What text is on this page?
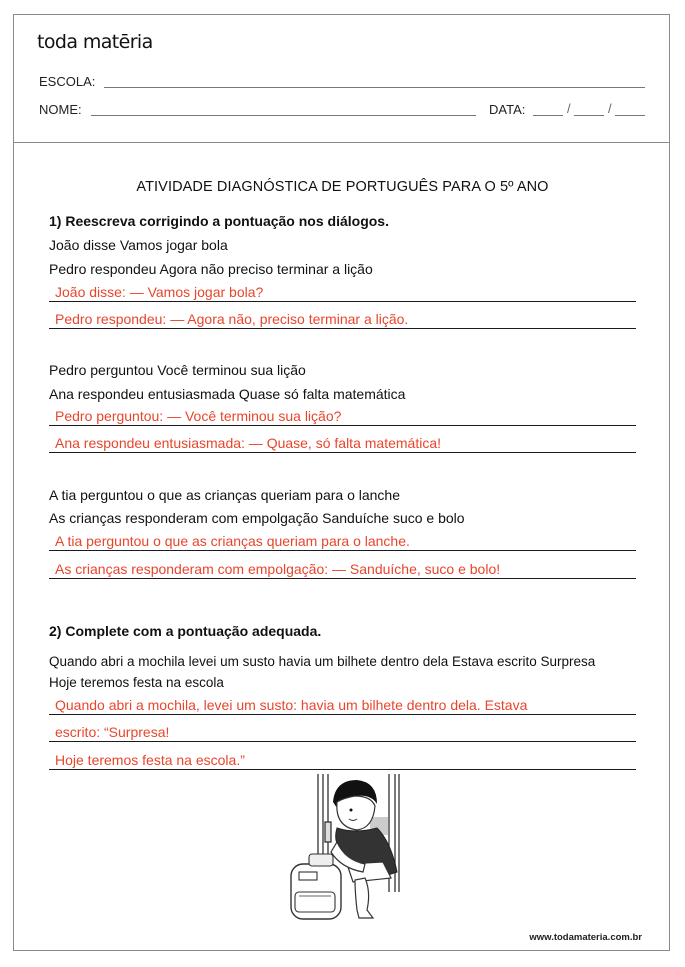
toda matēria
ESCOLA:
NOME:	DATA:	/	/
ATIVIDADE DIAGNÓSTICA DE PORTUGUÊS PARA O 5º ANO
1) Reescreva corrigindo a pontuação nos diálogos.
João disse Vamos jogar bola
Pedro respondeu Agora não preciso terminar a lição
João disse: — Vamos jogar bola?
Pedro respondeu: — Agora não, preciso terminar a lição.
Pedro perguntou Você terminou sua lição
Ana respondeu entusiasmada Quase só falta matemática
Pedro perguntou: — Você terminou sua lição?
Ana respondeu entusiasmada: — Quase, só falta matemática!
A tia perguntou o que as crianças queriam para o lanche
As crianças responderam com empolgação Sanduíche suco e bolo
A tia perguntou o que as crianças queriam para o lanche.
As crianças responderam com empolgação: — Sanduíche, suco e bolo!
2) Complete com a pontuação adequada.
Quando abri a mochila levei um susto havia um bilhete dentro dela Estava escrito Surpresa
Hoje teremos festa na escola
Quando abri a mochila, levei um susto: havia um bilhete dentro dela. Estava
escrito: “Surpresa!
Hoje teremos festa na escola.”
www.todamateria.com.br
